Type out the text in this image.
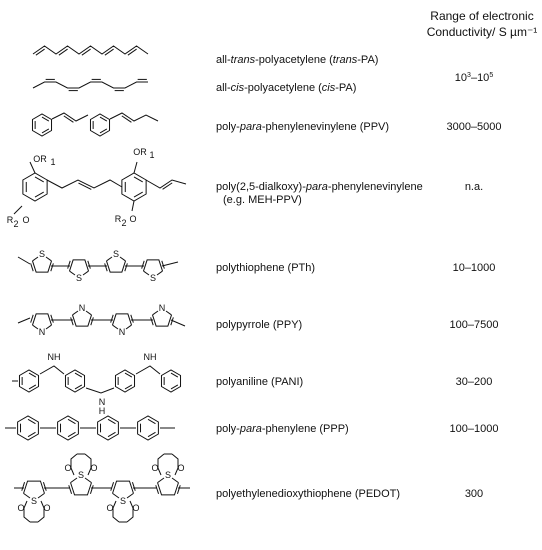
Range of electronic
Conductivity/ S µm⁻¹
OR 1
R 2 O
OR 1
R 2 O
S
S
S
S
N
N
N
N
NH
N
H
NH
S
O O
S
O O
S
O O
S
O O
all-trans-polyacetylene (trans-PA)
all-cis-polyacetylene (cis-PA)
poly-para-phenylenevinylene (PPV)
poly(2,5-dialkoxy)-para-phenylenevinylene
(e.g. MEH-PPV)
polythiophene (PTh)
polypyrrole (PPY)
polyaniline (PANI)
poly-para-phenylene (PPP)
polyethylenedioxythiophene (PEDOT)
$10^3-10^5$
3000–5000
n.a.
10–1000
100–7500
30–200
100–1000
300
